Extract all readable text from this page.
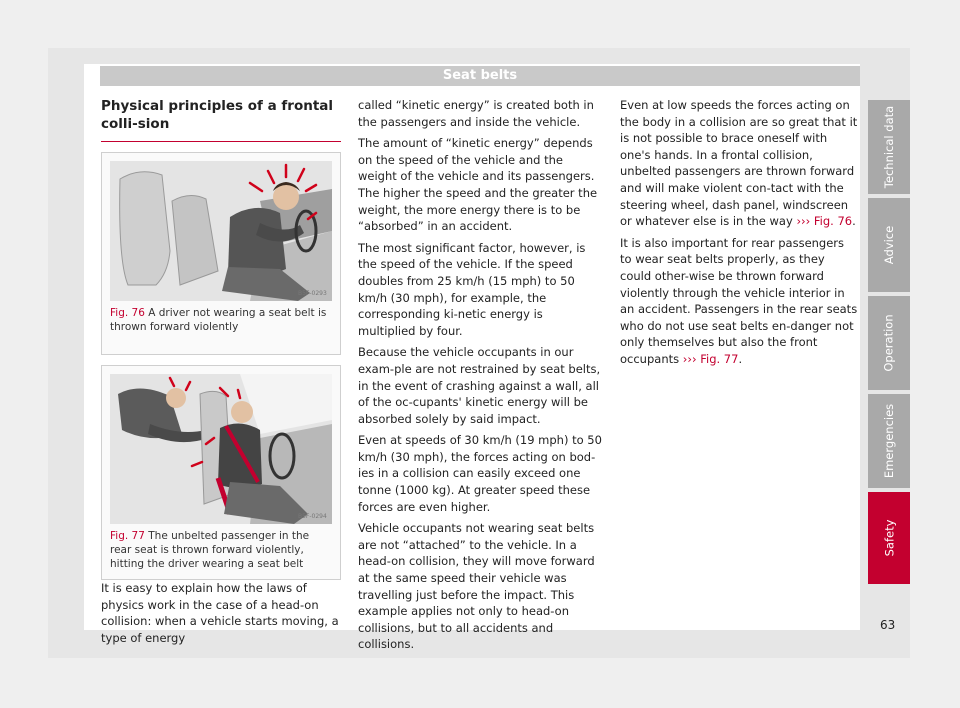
Seat belts
Physical principles of a frontal colli-sion
B5F-0293
Fig. 76 A driver not wearing a seat belt is thrown forward violently
B5F-0294
Fig. 77 The unbelted passenger in the rear seat is thrown forward violently, hitting the driver wearing a seat belt

It is easy to explain how the laws of physics work in the case of a head-on collision: when a vehicle starts moving, a type of energy

called “kinetic energy” is created both in the passengers and inside the vehicle.

The amount of “kinetic energy” depends on the speed of the vehicle and the weight of the vehicle and its passengers. The higher the speed and the greater the weight, the more energy there is to be “absorbed” in an accident.

The most significant factor, however, is the speed of the vehicle. If the speed doubles from 25 km/h (15 mph) to 50 km/h (30 mph), for example, the corresponding ki-netic energy is multiplied by four.

Because the vehicle occupants in our exam-ple are not restrained by seat belts, in the event of crashing against a wall, all of the oc-cupants' kinetic energy will be absorbed solely by said impact.

Even at speeds of 30 km/h (19 mph) to 50 km/h (30 mph), the forces acting on bod-ies in a collision can easily exceed one tonne (1000 kg). At greater speed these forces are even higher.

Vehicle occupants not wearing seat belts are not “attached” to the vehicle. In a head-on collision, they will move forward at the same speed their vehicle was travelling just before the impact. This example applies not only to head-on collisions, but to all accidents and collisions.

Even at low speeds the forces acting on the body in a collision are so great that it is not possible to brace oneself with one's hands. In a frontal collision, unbelted passengers are thrown forward and will make violent con-tact with the steering wheel, dash panel, windscreen or whatever else is in the way ››› Fig. 76.

It is also important for rear passengers to wear seat belts properly, as they could other-wise be thrown forward violently through the vehicle interior in an accident. Passengers in the rear seats who do not use seat belts en-danger not only themselves but also the front occupants ››› Fig. 77.

Technical data
Advice
Operation
Emergencies
Safety
63
